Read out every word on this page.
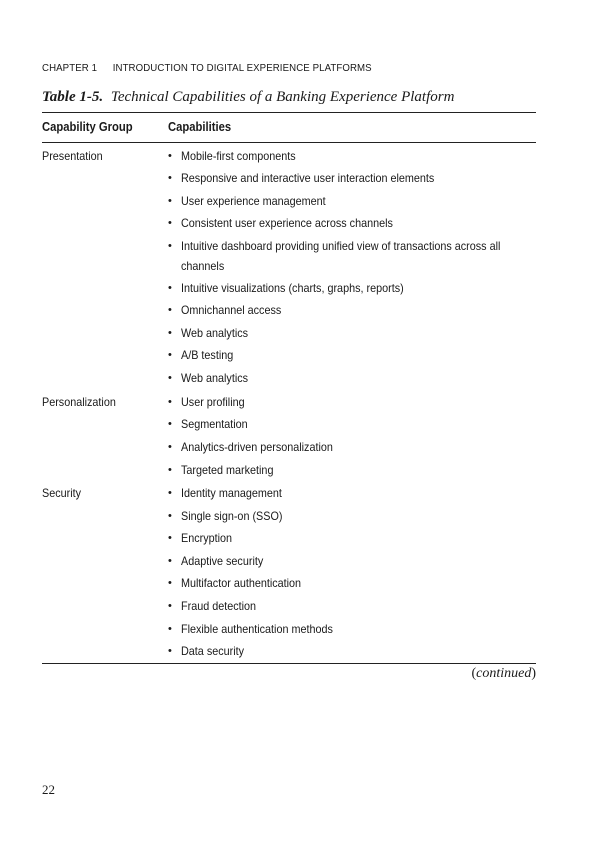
CHAPTER 1 INTRODUCTION TO DIGITAL EXPERIENCE PLATFORMS
Table 1-5. Technical Capabilities of a Banking Experience Platform
Capability Group	Capabilities
Presentation
Personalization
Security
• Mobile-first components
• Responsive and interactive user interaction elements
• User experience management
• Consistent user experience across channels
• Intuitive dashboard providing unified view of transactions across all channels
• Intuitive visualizations (charts, graphs, reports)
• Omnichannel access
• Web analytics
• A/B testing
• Web analytics
• User profiling
• Segmentation
• Analytics-driven personalization
• Targeted marketing
• Identity management
• Single sign-on (SSO)
• Encryption
• Adaptive security
• Multifactor authentication
• Fraud detection
• Flexible authentication methods
• Data security
(continued)
22
